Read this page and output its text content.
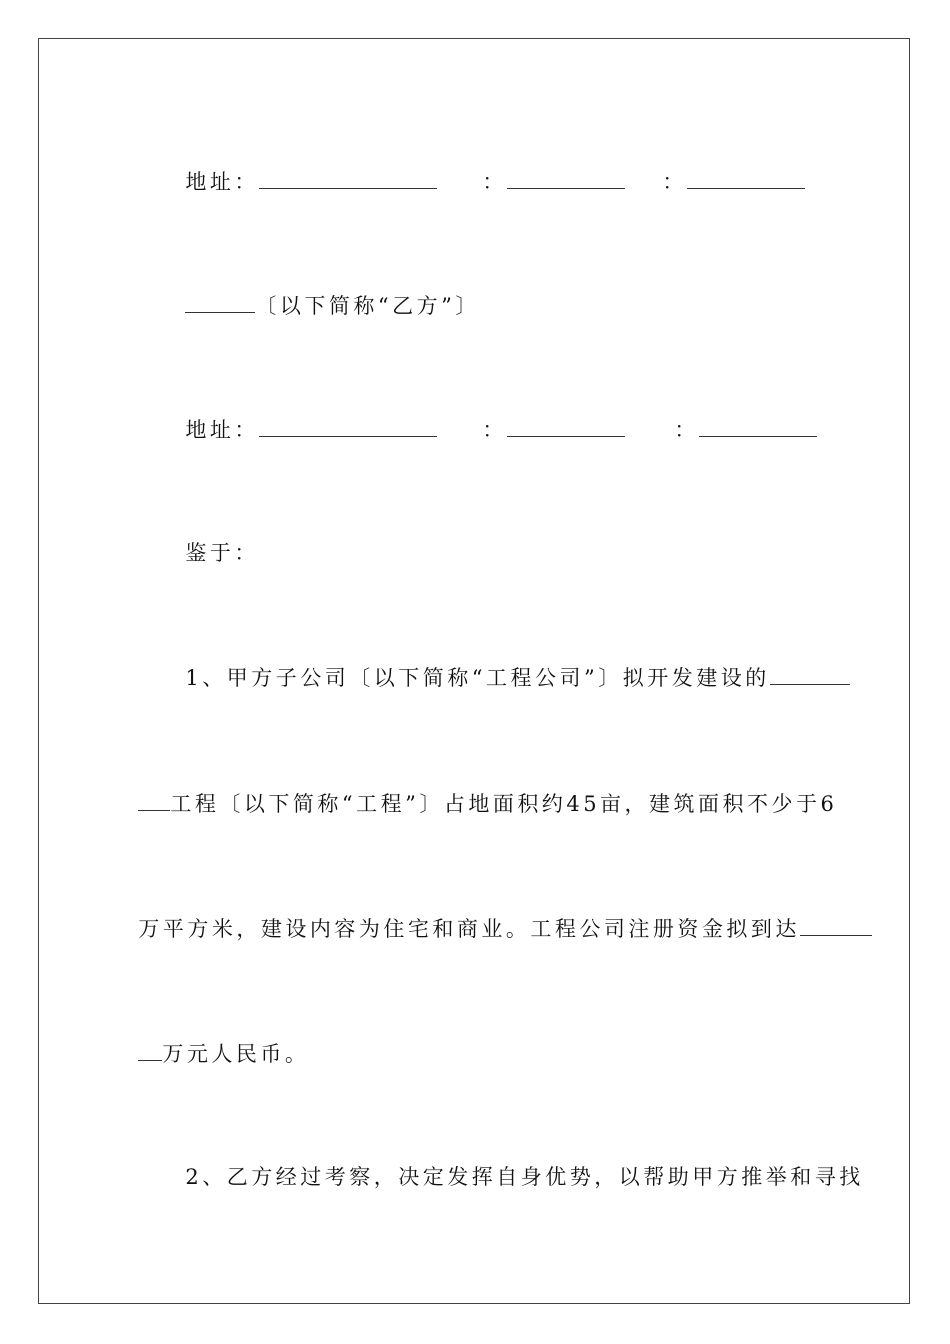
地址：	：	：

〔以下简称“乙方”〕

地址：	：	：

鉴于：

1、甲方子公司〔以下简称“工程公司”〕拟开发建设的

工程〔以下简称“工程”〕占地面积约45亩，建筑面积不少于6

万平方米，建设内容为住宅和商业。工程公司注册资金拟到达

万元人民币。

2、乙方经过考察，决定发挥自身优势，以帮助甲方推举和寻找
